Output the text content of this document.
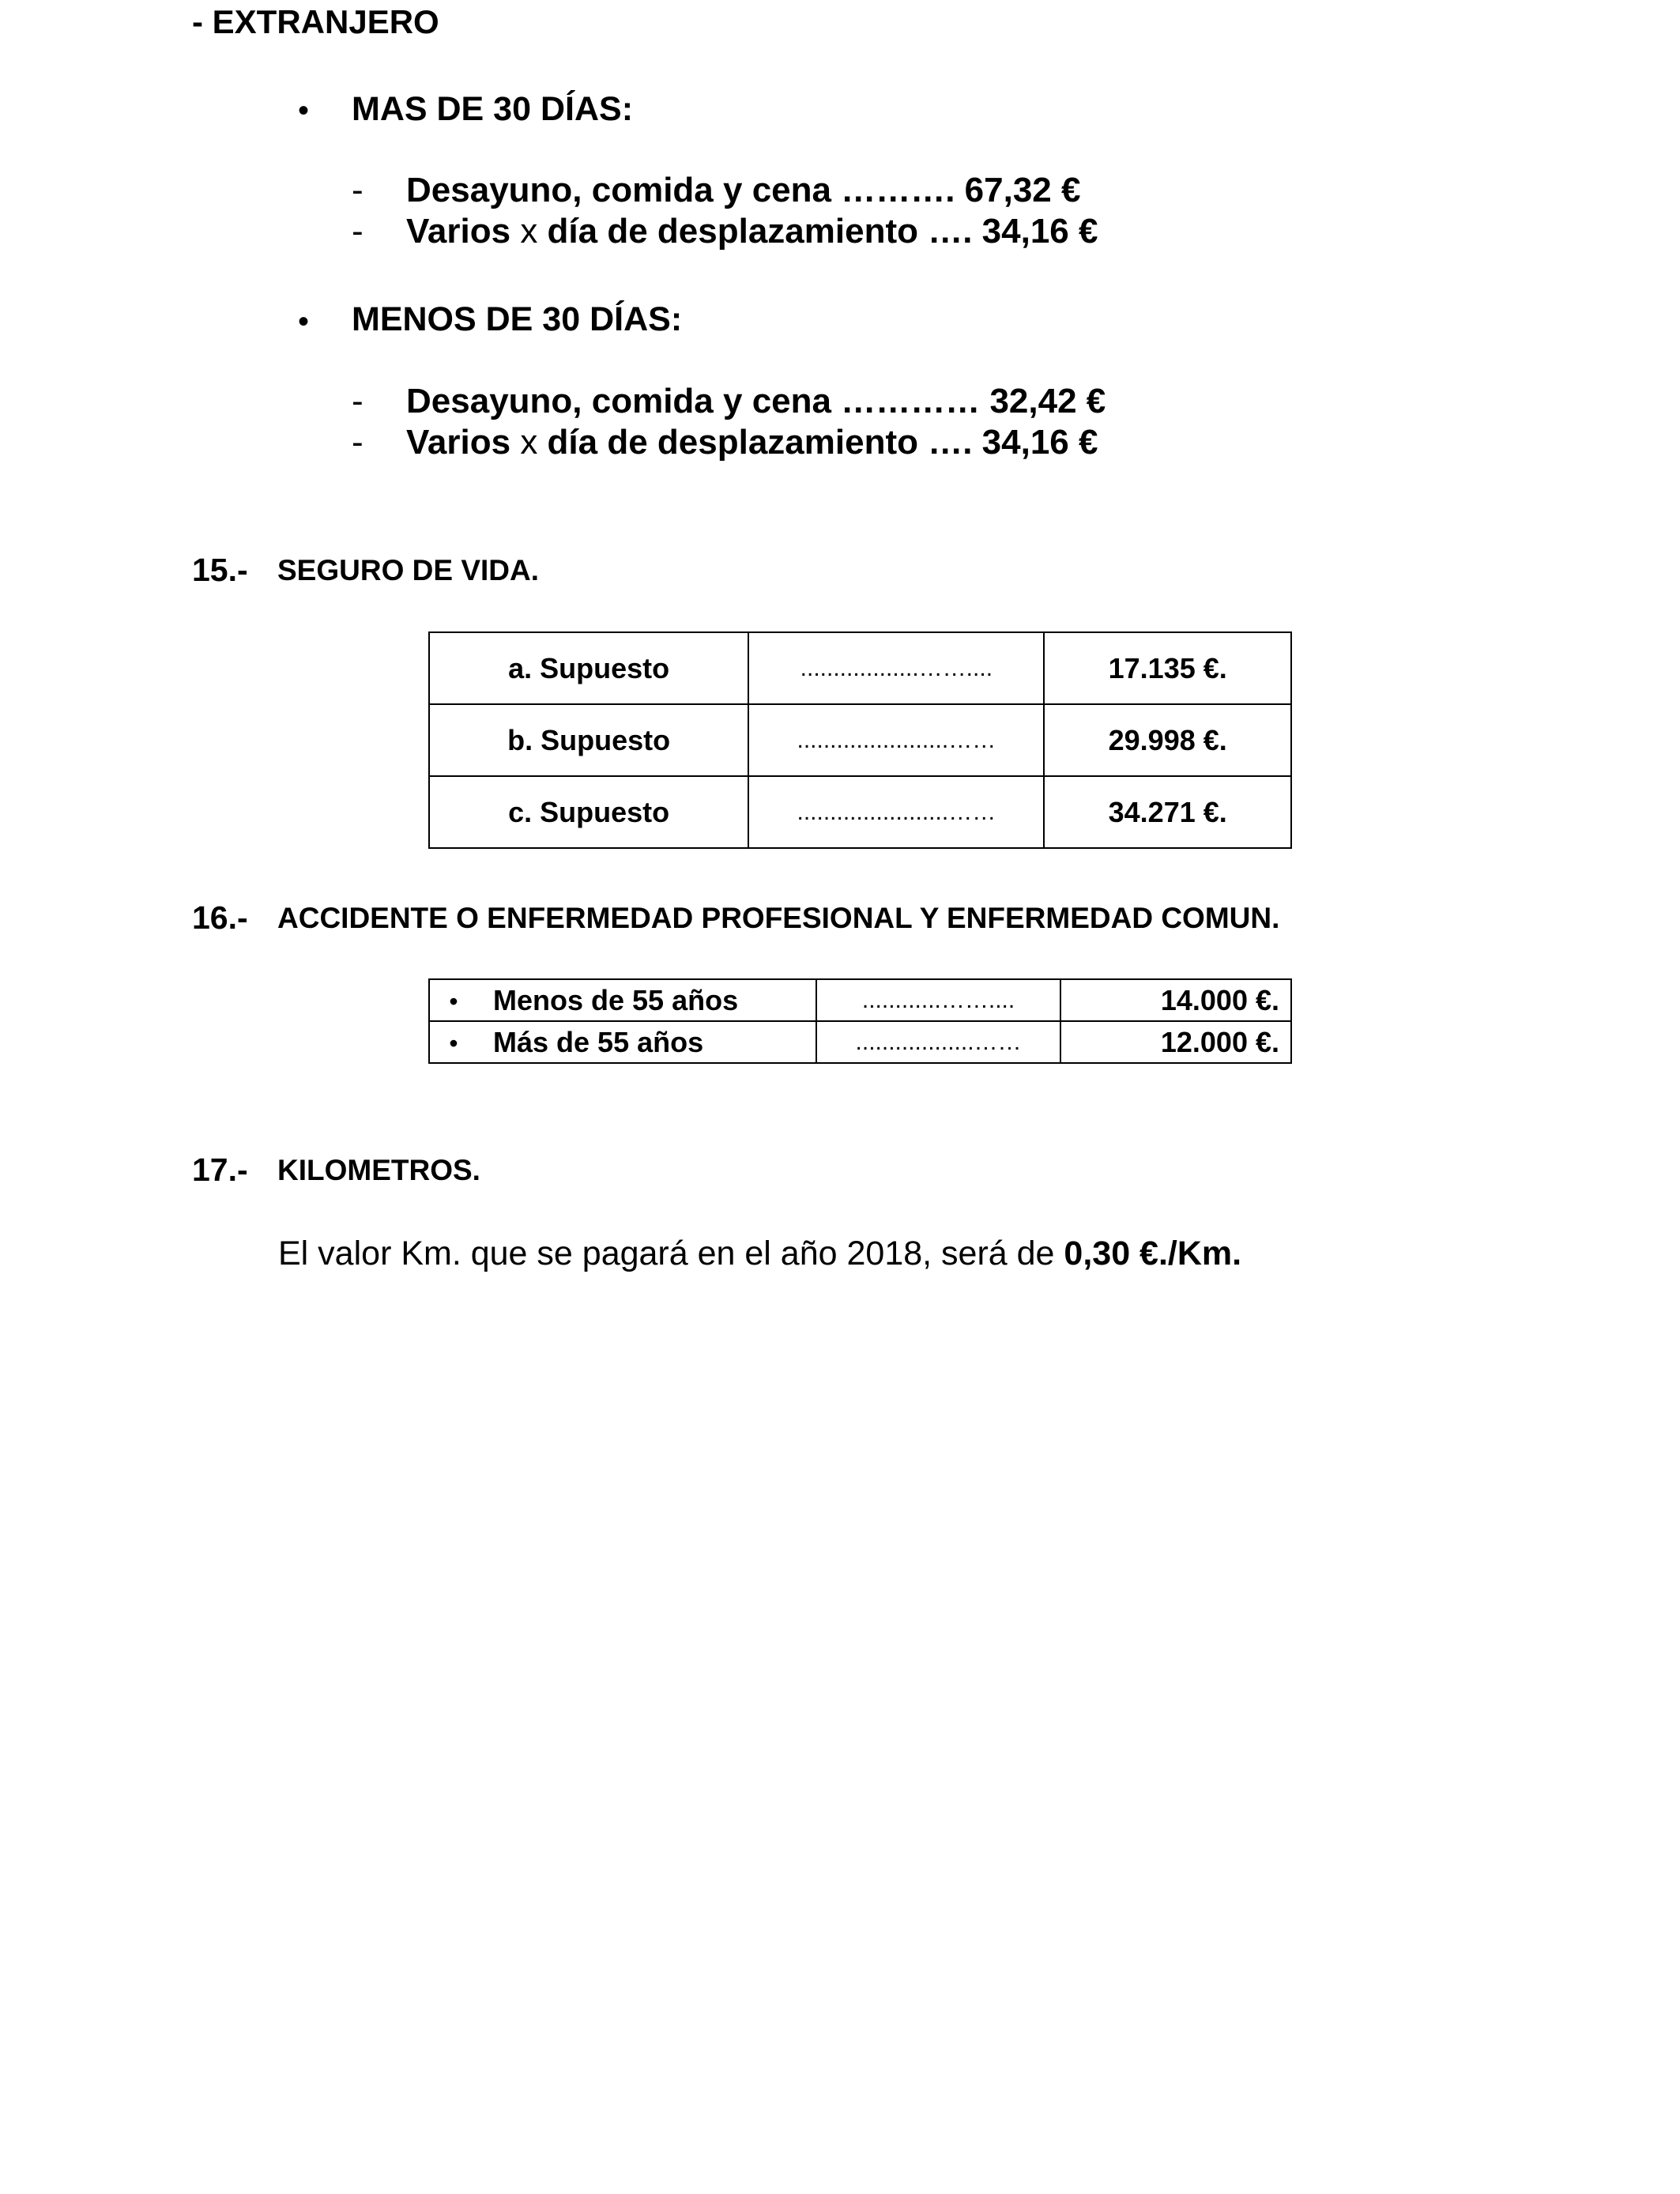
- EXTRANJERO
• MAS DE 30 DÍAS:
- Desayuno, comida y cena ………. 67,32 €
- Varios x día de desplazamiento …. 34,16 €
• MENOS DE 30 DÍAS:
- Desayuno, comida y cena ………… 32,42 €
- Varios x día de desplazamiento …. 34,16 €
15.- SEGURO DE VIDA.
a. Supuesto	..................……....	17.135 €.
b. Supuesto	.......................……	29.998 €.
c. Supuesto	.......................……	34.271 €.
16.- ACCIDENTE O ENFERMEDAD PROFESIONAL Y ENFERMEDAD COMUN.
• Menos de 55 años	............……....	14.000 €.
• Más de 55 años	..................……	12.000 €.
17.- KILOMETROS.
El valor Km. que se pagará en el año 2018, será de 0,30 €./Km.
